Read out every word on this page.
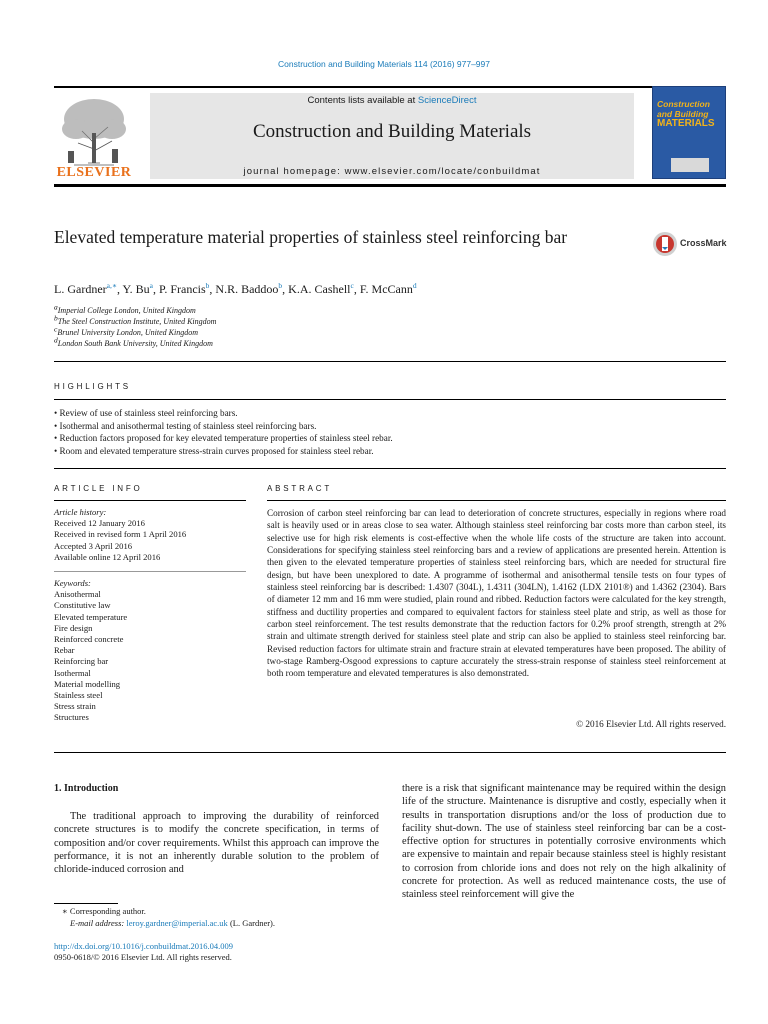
Construction and Building Materials 114 (2016) 977–997
ELSEVIER
Contents lists available at ScienceDirect
Construction and Building Materials
journal homepage: www.elsevier.com/locate/conbuildmat
Construction
and Building
MATERIALS
Elevated temperature material properties of stainless steel reinforcing bar	CrossMark
L. Gardner$^{a,∗}$, Y. Bu$^a$, P. Francis$^b$, N.R. Baddoo$^b$, K.A. Cashell$^c$, F. McCann$^d$
$^a$Imperial College London, United Kingdom
$^b$The Steel Construction Institute, United Kingdom
$^c$Brunel University London, United Kingdom
$^d$London South Bank University, United Kingdom
HIGHLIGHTS
• Review of use of stainless steel reinforcing bars.
• Isothermal and anisothermal testing of stainless steel reinforcing bars.
• Reduction factors proposed for key elevated temperature properties of stainless steel rebar.
• Room and elevated temperature stress-strain curves proposed for stainless steel rebar.
ARTICLE INFO
Article history:
Received 12 January 2016
Received in revised form 1 April 2016
Accepted 3 April 2016
Available online 12 April 2016
Keywords:
Anisothermal
Constitutive law
Elevated temperature
Fire design
Reinforced concrete
Rebar
Reinforcing bar
Isothermal
Material modelling
Stainless steel
Stress strain
Structures
ABSTRACT
Corrosion of carbon steel reinforcing bar can lead to deterioration of concrete structures, especially in regions where road salt is heavily used or in areas close to sea water. Although stainless steel reinforcing bar costs more than carbon steel, its selective use for high risk elements is cost-effective when the whole life costs of the structure are taken into account. Considerations for specifying stainless steel reinforcing bars and a review of applications are presented herein. Attention is then given to the elevated temperature properties of stainless steel reinforcing bars, which are needed for structural fire design, but have been unexplored to date. A programme of isothermal and anisothermal tensile tests on four types of stainless steel reinforcing bar is described: 1.4307 (304L), 1.4311 (304LN), 1.4162 (LDX 2101®) and 1.4362 (2304). Bars of diameter 12 mm and 16 mm were studied, plain round and ribbed. Reduction factors were calculated for the key strength, stiffness and ductility properties and compared to equivalent factors for stainless steel plate and strip, as well as those for carbon steel reinforcement. The test results demonstrate that the reduction factors for 0.2% proof strength, strength at 2% strain and ultimate strength derived for stainless steel plate and strip can also be applied to stainless steel reinforcing bar. Revised reduction factors for ultimate strain and fracture strain at elevated temperatures have been proposed. The ability of two-stage Ramberg-Osgood expressions to capture accurately the stress-strain response of stainless steel reinforcement at both room temperature and elevated temperatures is also demonstrated.
© 2016 Elsevier Ltd. All rights reserved.
1. Introduction
The traditional approach to improving the durability of reinforced concrete structures is to modify the concrete specification, in terms of composition and/or cover requirements. Whilst this approach can improve the performance, it is not an inherently durable solution to the problem of chloride-induced corrosion and
there is a risk that significant maintenance may be required within the design life of the structure. Maintenance is disruptive and costly, especially when it results in transportation disruptions and/or the loss of production due to facility shut-down. The use of stainless steel reinforcing bar can be a cost-effective option for structures in potentially corrosive environments which are expensive to maintain and repair because stainless steel is highly resistant to corrosion from chloride ions and does not rely on the high alkalinity of concrete for protection. As well as reduced maintenance costs, the use of stainless steel reinforcement will give the
∗ Corresponding author.
E-mail address: leroy.gardner@imperial.ac.uk (L. Gardner).
http://dx.doi.org/10.1016/j.conbuildmat.2016.04.009
0950-0618/© 2016 Elsevier Ltd. All rights reserved.
